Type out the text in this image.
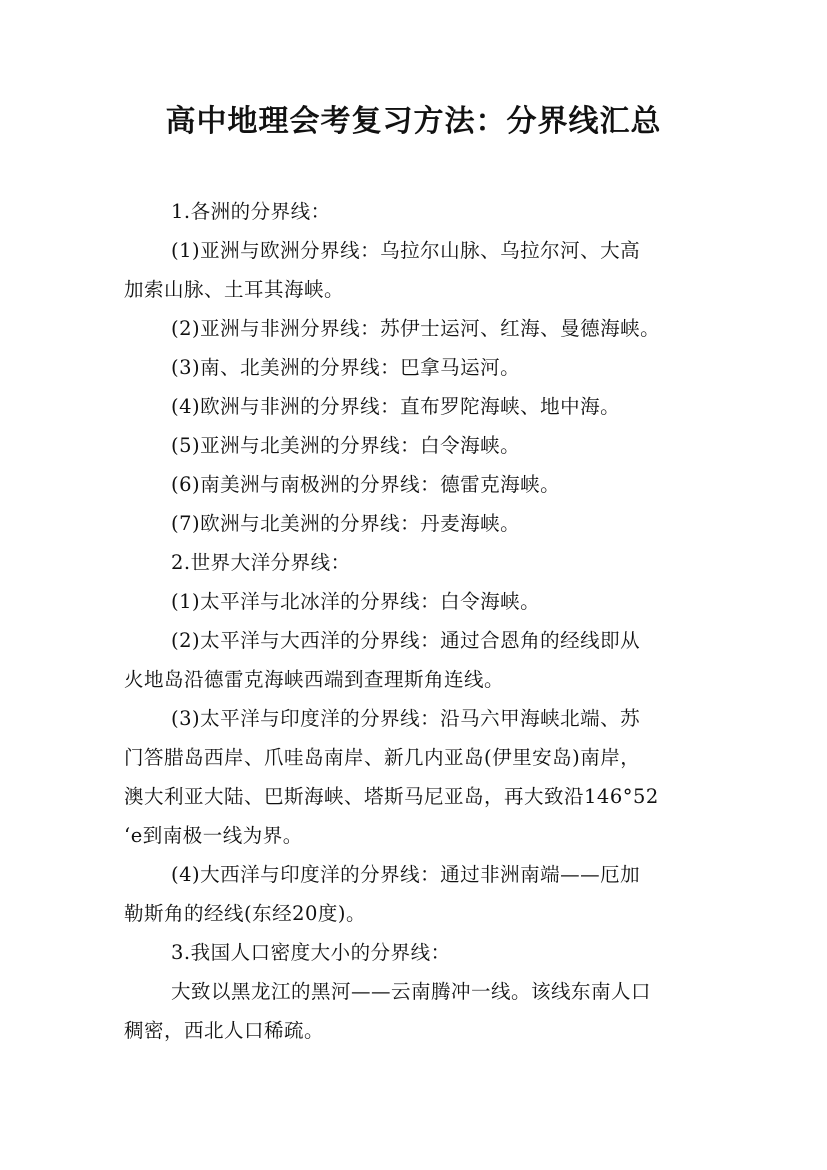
高中地理会考复习方法：分界线汇总
1.各洲的分界线：
(1)亚洲与欧洲分界线：乌拉尔山脉、乌拉尔河、大高
加索山脉、土耳其海峡。
(2)亚洲与非洲分界线：苏伊士运河、红海、曼德海峡。
(3)南、北美洲的分界线：巴拿马运河。
(4)欧洲与非洲的分界线：直布罗陀海峡、地中海。
(5)亚洲与北美洲的分界线：白令海峡。
(6)南美洲与南极洲的分界线：德雷克海峡。
(7)欧洲与北美洲的分界线：丹麦海峡。
2.世界大洋分界线：
(1)太平洋与北冰洋的分界线：白令海峡。
(2)太平洋与大西洋的分界线：通过合恩角的经线即从
火地岛沿德雷克海峡西端到查理斯角连线。
(3)太平洋与印度洋的分界线：沿马六甲海峡北端、苏
门答腊岛西岸、爪哇岛南岸、新几内亚岛(伊里安岛)南岸，
澳大利亚大陆、巴斯海峡、塔斯马尼亚岛，再大致沿146°52
‘e到南极一线为界。
(4)大西洋与印度洋的分界线：通过非洲南端——厄加
勒斯角的经线(东经20度)。
3.我国人口密度大小的分界线：
大致以黑龙江的黑河——云南腾冲一线。该线东南人口
稠密，西北人口稀疏。
